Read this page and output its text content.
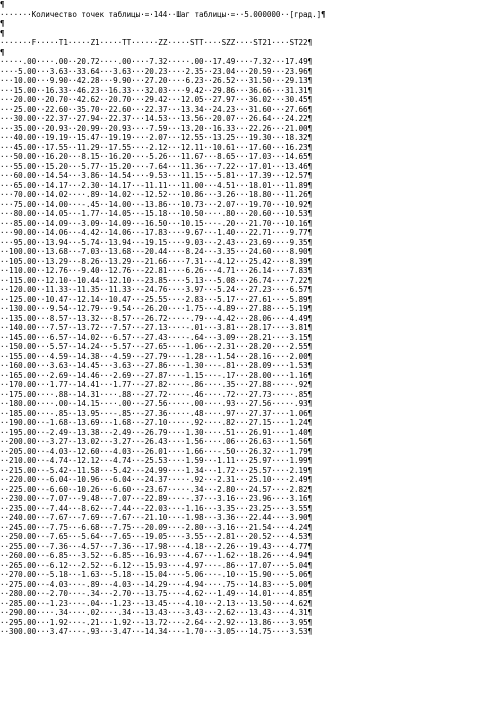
¶
·······Количество точек таблицы·=·144··Шаг таблицы·=··5.000000··[град.]¶
¶
¶
·······F·····T1·····Z1·····TT······ZZ·····STT····SZZ····ST21····ST22¶
¶
·····.00····.00··20.72····.00····7.32·····.00··17.49····7.32···17.49¶
····5.00···3.63··33.64···3.63···20.23····2.35··23.04···20.59···23.96¶
···10.00···9.90··42.28···9.90···27.20····6.23··26.52···31.50···29.13¶
···15.00··16.33··46.23··16.33···32.03····9.42··29.86···36.66···31.31¶
···20.00··20.70··42.62··20.70···29.42···12.05··27.97···36.02···30.45¶
···25.00··22.60··35.70··22.60···22.37···13.34··24.23···31.60···27.66¶
···30.00··22.37··27.94··22.37···14.53···13.56··20.07···26.64···24.22¶
···35.00··20.93··20.99··20.93····7.59···13.20··16.33···22.26···21.00¶
···40.00··19.19··15.47··19.19····2.07···12.55··13.25···19.30···18.32¶
···45.00··17.55··11.29··17.55···-2.12···12.11··10.61···17.60···16.23¶
···50.00··16.20···8.15··16.20···-5.26···11.67···8.65···17.03···14.65¶
···55.00··15.20···5.77··15.20···-7.64···11.36···7.22···17.01···13.46¶
···60.00··14.54···3.86··14.54···-9.53···11.15···5.81···17.39···12.57¶
···65.00··14.17···2.30··14.17··-11.11···11.00···4.51···18.01···11.89¶
···70.00··14.02····.89··14.02··-12.52···10.86···3.26···18.80···11.26¶
···75.00··14.00···-.45··14.00··-13.86···10.73···2.07···19.70···10.92¶
···80.00··14.05··-1.77··14.05··-15.18···10.50····.80···20.60···10.53¶
···85.00··14.09··-3.09··14.09··-16.50···10.15···-.20···21.70···10.16¶
···90.00··14.06··-4.42··14.06··-17.83····9.67··-1.40···22.71····9.77¶
···95.00··13.94··-5.74··13.94··-19.15····9.03··-2.43···23.69····9.35¶
··100.00··13.68··-7.03··13.68··-20.44····8.24··-3.35···24.60····8.90¶
··105.00··13.29··-8.26··13.29··-21.66····7.31··-4.12···25.42····8.39¶
··110.00··12.76··-9.40··12.76··-22.81····6.26··-4.71···26.14····7.83¶
··115.00··12.10·-10.44··12.10··-23.85····5.13··-5.08···26.74····7.22¶
··120.00··11.33·-11.35··11.33··-24.76····3.97··-5.24···27.23····6.57¶
··125.00··10.47·-12.14··10.47··-25.55····2.83··-5.17···27.61····5.89¶
··130.00···9.54·-12.79···9.54··-26.20····1.75··-4.89···27.88····5.19¶
··135.00···8.57·-13.32···8.57··-26.72·····.79··-4.42···28.06····4.49¶
··140.00···7.57·-13.72···7.57··-27.13····-.01··-3.81···28.17····3.81¶
··145.00···6.57·-14.02···6.57··-27.43····-.64··-3.09···28.21····3.15¶
··150.00···5.57·-14.24···5.57··-27.65···-1.06··-2.31···28.20····2.55¶
··155.00···4.59·-14.38···4.59··-27.79···-1.28··-1.54···28.16····2.00¶
··160.00···3.63·-14.45···3.63··-27.86···-1.30···-.81···28.09····1.53¶
··165.00···2.69·-14.46···2.69··-27.87···-1.15···-.17···28.00····1.16¶
··170.00···1.77·-14.41···1.77··-27.82····-.86····.35···27.88·····.92¶
··175.00····.88·-14.31····.88··-27.72····-.46····.72···27.73·····.85¶
··180.00····.00·-14.15····.00··-27.56·····.00····.93···27.56·····.93¶
··185.00···-.85·-13.95···-.85··-27.36·····.48····.97···27.37····1.06¶
··190.00··-1.68·-13.69··-1.68··-27.10·····.92····.82···27.15····1.24¶
··195.00··-2.49·-13.38··-2.49··-26.79····1.30····.51···26.91····1.40¶
··200.00··-3.27·-13.02··-3.27··-26.43····1.56····.06···26.63····1.56¶
··205.00··-4.03·-12.60··-4.03··-26.01····1.66···-.50···26.32····1.79¶
··210.00··-4.74·-12.12··-4.74··-25.53····1.59··-1.11···25.97····1.99¶
··215.00··-5.42·-11.58··-5.42··-24.99····1.34··-1.72···25.57····2.19¶
··220.00··-6.04·-10.96··-6.04··-24.37·····.92··-2.31···25.10····2.49¶
··225.00··-6.60·-10.26··-6.60··-23.67·····.34··-2.80···24.57····2.82¶
··230.00··-7.07··-9.48··-7.07··-22.89····-.37··-3.16···23.96····3.16¶
··235.00··-7.44··-8.62··-7.44··-22.03···-1.16··-3.35···23.25····3.55¶
··240.00··-7.67··-7.69··-7.67··-21.10···-1.98··-3.36···22.44····3.90¶
··245.00··-7.75··-6.68··-7.75··-20.09···-2.80··-3.16···21.54····4.24¶
··250.00··-7.65··-5.64··-7.65··-19.05···-3.55··-2.81···20.52····4.53¶
··255.00··-7.36··-4.57··-7.36··-17.98···-4.18··-2.26···19.43····4.77¶
··260.00··-6.85··-3.52··-6.85··-16.93···-4.67··-1.62···18.26····4.94¶
··265.00··-6.12··-2.52··-6.12··-15.93···-4.97···-.86···17.07····5.04¶
··270.00··-5.18··-1.63··-5.18··-15.04···-5.06···-.10···15.90····5.06¶
··275.00··-4.03···-.89··-4.03··-14.29···-4.94····.75···14.83····5.00¶
··280.00··-2.70···-.34··-2.70··-13.75···-4.62···1.49···14.01····4.85¶
··285.00··-1.23···-.04··-1.23··-13.45···-4.10···2.13···13.50····4.62¶
··290.00····.34····.02····.34··-13.43···-3.43···2.62···13.43····4.31¶
··295.00···1.92···-.21···1.92··-13.72···-2.64···2.92···13.86····3.95¶
··300.00···3.47···-.93···3.47··-14.34···-1.70···3.05···14.75····3.53¶
